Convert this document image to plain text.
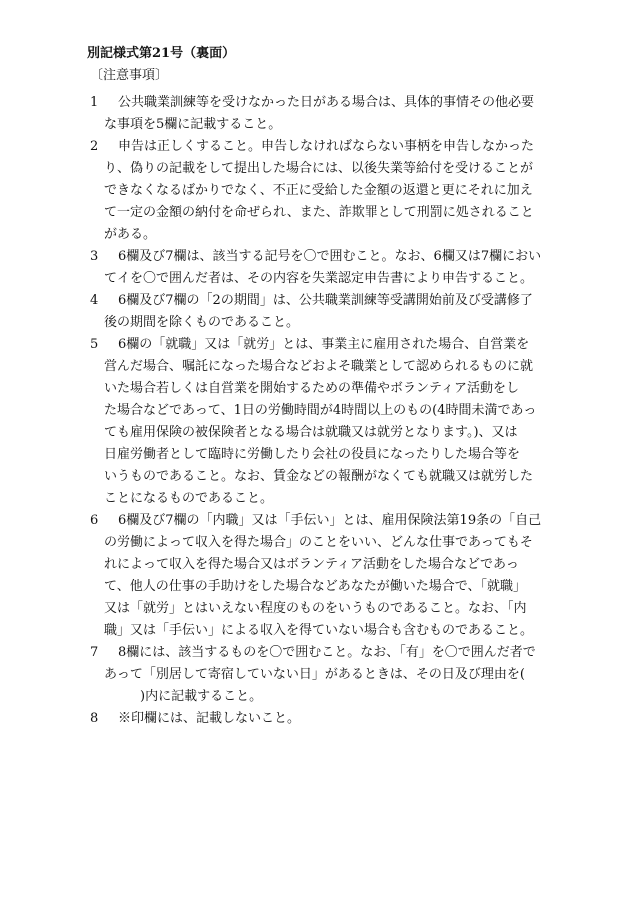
別記様式第21号（裏面）
〔注意事項〕
1	公共職業訓練等を受けなかった日がある場合は、具体的事情その他必要
な事項を5欄に記載すること。
2	申告は正しくすること。申告しなければならない事柄を申告しなかった
り、偽りの記載をして提出した場合には、以後失業等給付を受けることが
できなくなるばかりでなく、不正に受給した金額の返還と更にそれに加え
て一定の金額の納付を命ぜられ、また、詐欺罪として刑罰に処されること
がある。
3	6欄及び7欄は、該当する記号を〇で囲むこと。なお、6欄又は7欄におい
てイを〇で囲んだ者は、その内容を失業認定申告書により申告すること。
4	6欄及び7欄の「2の期間」は、公共職業訓練等受講開始前及び受講修了
後の期間を除くものであること。
5	6欄の「就職」又は「就労」とは、事業主に雇用された場合、自営業を
営んだ場合、嘱託になった場合などおよそ職業として認められるものに就
いた場合若しくは自営業を開始するための準備やボランティア活動をし
た場合などであって、1日の労働時間が4時間以上のもの(4時間未満であっ
ても雇用保険の被保険者となる場合は就職又は就労となります。)、又は
日雇労働者として臨時に労働したり会社の役員になったりした場合等を
いうものであること。なお、賃金などの報酬がなくても就職又は就労した
ことになるものであること。
6	6欄及び7欄の「内職」又は「手伝い」とは、雇用保険法第19条の「自己
の労働によって収入を得た場合」のことをいい、どんな仕事であってもそ
れによって収入を得た場合又はボランティア活動をした場合などであっ
て、他人の仕事の手助けをした場合などあなたが働いた場合で、「就職」
又は「就労」とはいえない程度のものをいうものであること。なお、「内
職」又は「手伝い」による収入を得ていない場合も含むものであること。
7	8欄には、該当するものを〇で囲むこと。なお、「有」を〇で囲んだ者で
あって「別居して寄宿していない日」があるときは、その日及び理由を(
)内に記載すること。
8	※印欄には、記載しないこと。
